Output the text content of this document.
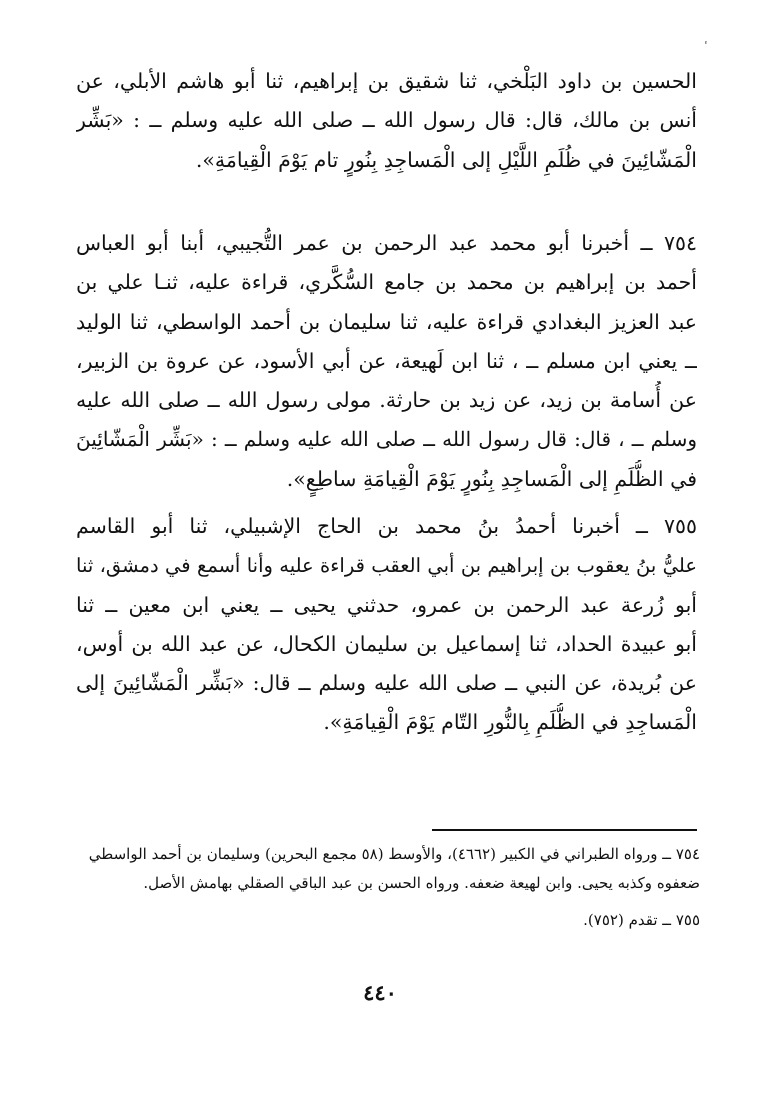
الحسين بن داود البَلْخي، ثنا شقيق بن إبراهيم، ثنا أبو هاشم الأبلي، عن
أنس بن مالك، قال: قال رسول الله ــ صلى الله عليه وسلم ــ : «بَشِّر
الْمَشّائِينَ في ظُلَمِ اللَّيْلِ إلى الْمَساجِدِ بِنُورٍ تام يَوْمَ الْقِيامَةِ».
٧٥٤ ــ أخبرنا أبو محمد عبد الرحمن بن عمر التُّجيبي، أبنا أبو العباس
أحمد بن إبراهيم بن محمد بن جامع السُّكَّري، قراءة عليه، ثنـا علي بن
عبد العزيز البغدادي قراءة عليه، ثنا سليمان بن أحمد الواسطي، ثنا الوليد
ــ يعني ابن مسلم ــ ، ثنا ابن لَهيعة، عن أبي الأسود، عن عروة بن الزبير،
عن أُسامة بن زيد، عن زيد بن حارثة. مولى رسول الله ــ صلى الله عليه
وسلم ــ ، قال: قال رسول الله ــ صلى الله عليه وسلم ــ : «بَشِّر الْمَشّائِينَ
في الظُّلَمِ إلى الْمَساجِدِ بِنُورٍ يَوْمَ الْقِيامَةِ ساطِعٍ».
٧٥٥ ــ أخبرنا أحمدُ بنُ محمد بن الحاج الإشبيلي، ثنا أبو القاسم
عليُّ بنُ يعقوب بن إبراهيم بن أبي العقب قراءة عليه وأنا أسمع في دمشق، ثنا
أبو زُرعة عبد الرحمن بن عمرو، حدثني يحيى ــ يعني ابن معين ــ ثنا
أبو عبيدة الحداد، ثنا إسماعيل بن سليمان الكحال، عن عبد الله بن أوس،
عن بُريدة، عن النبي ــ صلى الله عليه وسلم ــ قال: «بَشِّر الْمَشّائِينَ إلى
الْمَساجِدِ في الظُّلَمِ بِالنُّورِ التّام يَوْمَ الْقِيامَةِ».

٧٥٤ ــ ورواه الطبراني في الكبير (٤٦٦٢)، والأوسط (٥٨ مجمع البحرين) وسليمان بن أحمد الواسطي ضعفوه وكذبه يحيى. وابن لهيعة ضعفه. ورواه الحسن بن عبد الباقي الصقلي بهامش الأصل.

٧٥٥ ــ تقدم (٧٥٢).

٤٤٠
